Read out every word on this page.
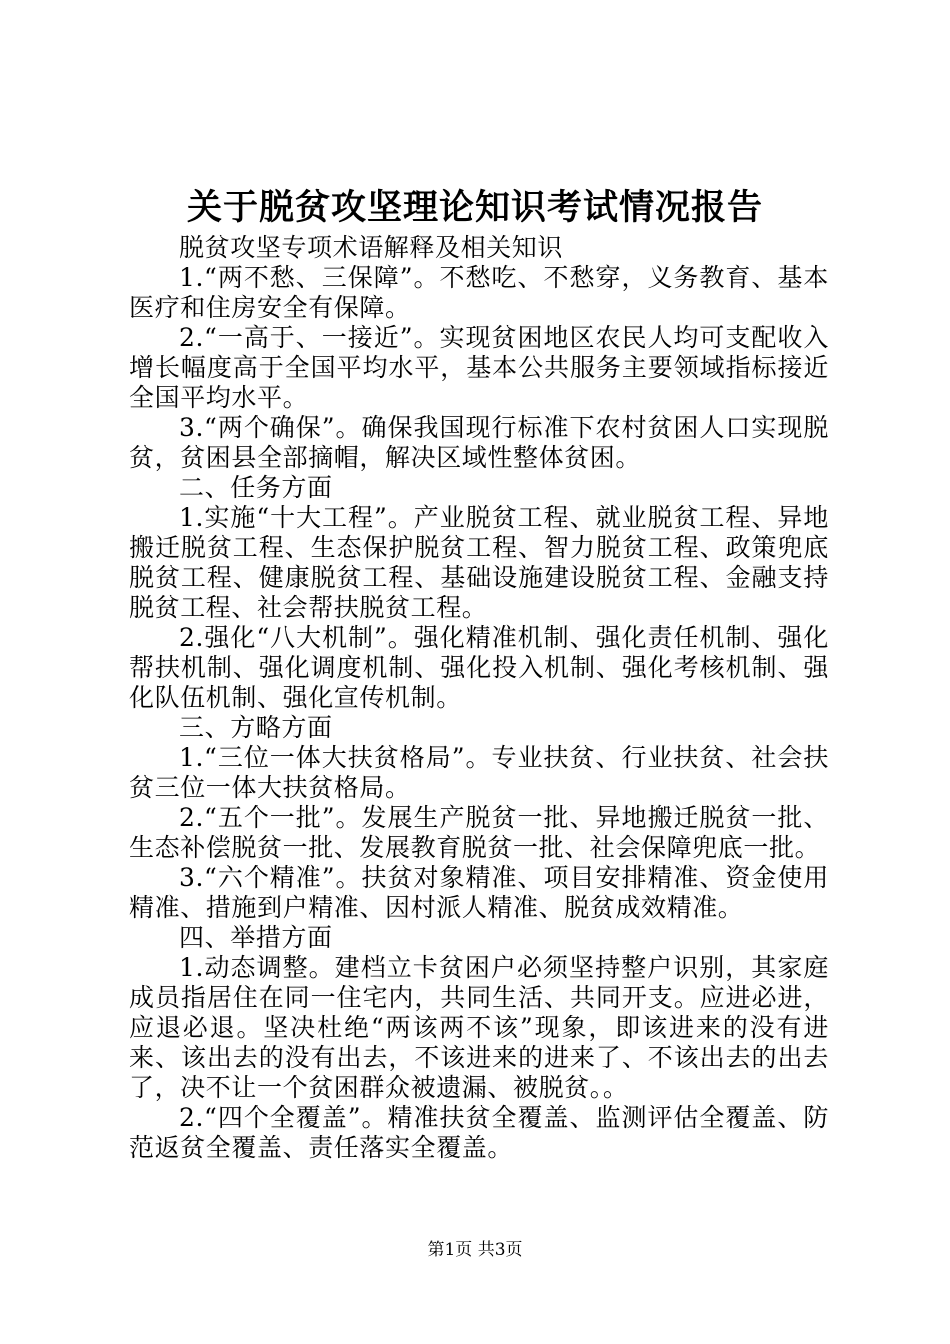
关于脱贫攻坚理论知识考试情况报告

脱贫攻坚专项术语解释及相关知识

1.“两不愁、三保障”。不愁吃、不愁穿，义务教育、基本医疗和住房安全有保障。

2.“一高于、一接近”。实现贫困地区农民人均可支配收入增长幅度高于全国平均水平，基本公共服务主要领域指标接近全国平均水平。

3.“两个确保”。确保我国现行标准下农村贫困人口实现脱贫，贫困县全部摘帽，解决区域性整体贫困。

二、任务方面

1.实施“十大工程”。产业脱贫工程、就业脱贫工程、异地搬迁脱贫工程、生态保护脱贫工程、智力脱贫工程、政策兜底脱贫工程、健康脱贫工程、基础设施建设脱贫工程、金融支持脱贫工程、社会帮扶脱贫工程。

2.强化“八大机制”。强化精准机制、强化责任机制、强化帮扶机制、强化调度机制、强化投入机制、强化考核机制、强化队伍机制、强化宣传机制。

三、方略方面

1.“三位一体大扶贫格局”。专业扶贫、行业扶贫、社会扶贫三位一体大扶贫格局。

2.“五个一批”。发展生产脱贫一批、异地搬迁脱贫一批、生态补偿脱贫一批、发展教育脱贫一批、社会保障兜底一批。

3.“六个精准”。扶贫对象精准、项目安排精准、资金使用精准、措施到户精准、因村派人精准、脱贫成效精准。

四、举措方面

1.动态调整。建档立卡贫困户必须坚持整户识别，其家庭成员指居住在同一住宅内，共同生活、共同开支。应进必进，应退必退。坚决杜绝“两该两不该”现象，即该进来的没有进来、该出去的没有出去，不该进来的进来了、不该出去的出去了，决不让一个贫困群众被遗漏、被脱贫。。

2.“四个全覆盖”。精准扶贫全覆盖、监测评估全覆盖、防范返贫全覆盖、责任落实全覆盖。

第1页 共3页
